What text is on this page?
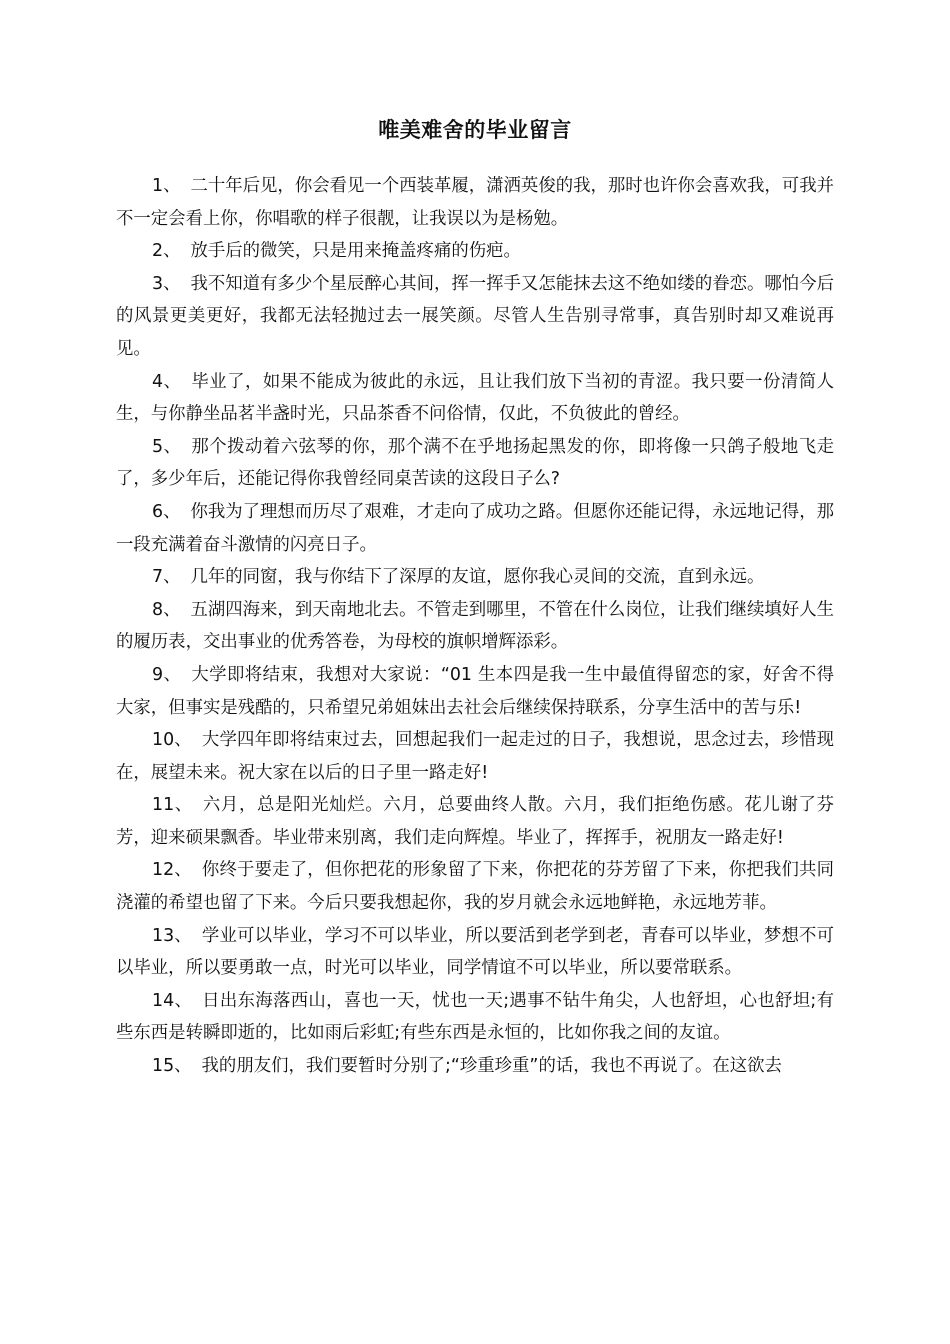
唯美难舍的毕业留言

1、 二十年后见，你会看见一个西装革履，潇洒英俊的我，那时也许你会喜欢我，可我并不一定会看上你，你唱歌的样子很靓，让我误以为是杨勉。

2、 放手后的微笑，只是用来掩盖疼痛的伤疤。

3、 我不知道有多少个星辰醉心其间，挥一挥手又怎能抹去这不绝如缕的眷恋。哪怕今后的风景更美更好，我都无法轻抛过去一展笑颜。尽管人生告别寻常事，真告别时却又难说再见。

4、 毕业了，如果不能成为彼此的永远，且让我们放下当初的青涩。我只要一份清简人生，与你静坐品茗半盏时光，只品茶香不问俗情，仅此，不负彼此的曾经。

5、 那个拨动着六弦琴的你，那个满不在乎地扬起黑发的你，即将像一只鸽子般地飞走了，多少年后，还能记得你我曾经同桌苦读的这段日子么?

6、 你我为了理想而历尽了艰难，才走向了成功之路。但愿你还能记得，永远地记得，那一段充满着奋斗激情的闪亮日子。

7、 几年的同窗，我与你结下了深厚的友谊，愿你我心灵间的交流，直到永远。

8、 五湖四海来，到天南地北去。不管走到哪里，不管在什么岗位，让我们继续填好人生的履历表，交出事业的优秀答卷，为母校的旗帜增辉添彩。

9、 大学即将结束，我想对大家说：“01 生本四是我一生中最值得留恋的家，好舍不得大家，但事实是残酷的，只希望兄弟姐妹出去社会后继续保持联系，分享生活中的苦与乐!

10、 大学四年即将结束过去，回想起我们一起走过的日子，我想说，思念过去，珍惜现在，展望未来。祝大家在以后的日子里一路走好!

11、 六月，总是阳光灿烂。六月，总要曲终人散。六月，我们拒绝伤感。花儿谢了芬芳，迎来硕果飘香。毕业带来别离，我们走向辉煌。毕业了，挥挥手，祝朋友一路走好!

12、 你终于要走了，但你把花的形象留了下来，你把花的芬芳留了下来，你把我们共同浇灌的希望也留了下来。今后只要我想起你，我的岁月就会永远地鲜艳，永远地芳菲。

13、 学业可以毕业，学习不可以毕业，所以要活到老学到老，青春可以毕业，梦想不可以毕业，所以要勇敢一点，时光可以毕业，同学情谊不可以毕业，所以要常联系。

14、 日出东海落西山，喜也一天，忧也一天;遇事不钻牛角尖，人也舒坦，心也舒坦;有些东西是转瞬即逝的，比如雨后彩虹;有些东西是永恒的，比如你我之间的友谊。

15、 我的朋友们，我们要暂时分别了;“珍重珍重”的话，我也不再说了。在这欲去
